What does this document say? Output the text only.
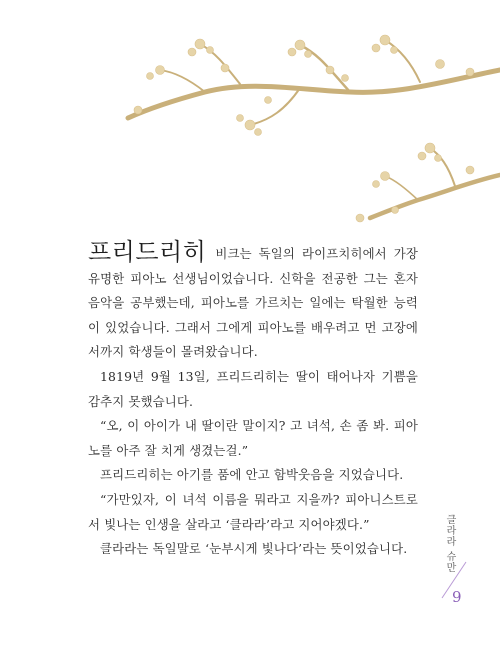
프리드리히 비크는 독일의 라이프치히에서 가장 유명한 피아노 선생님이었습니다. 신학을 전공한 그는 혼자 음악을 공부했는데, 피아노를 가르치는 일에는 탁월한 능력이 있었습니다. 그래서 그에게 피아노를 배우려고 먼 고장에서까지 학생들이 몰려왔습니다.

1819년 9월 13일, 프리드리히는 딸이 태어나자 기쁨을 감추지 못했습니다.

“오, 이 아이가 내 딸이란 말이지? 고 녀석, 손 좀 봐. 피아노를 아주 잘 치게 생겼는걸.”

프리드리히는 아기를 품에 안고 함박웃음을 지었습니다.

“가만있자, 이 녀석 이름을 뭐라고 지을까? 피아니스트로서 빛나는 인생을 살라고 ‘클라라’라고 지어야겠다.”

클라라는 독일말로 ‘눈부시게 빛나다’라는 뜻이었습니다.	클라라 슈만
9
